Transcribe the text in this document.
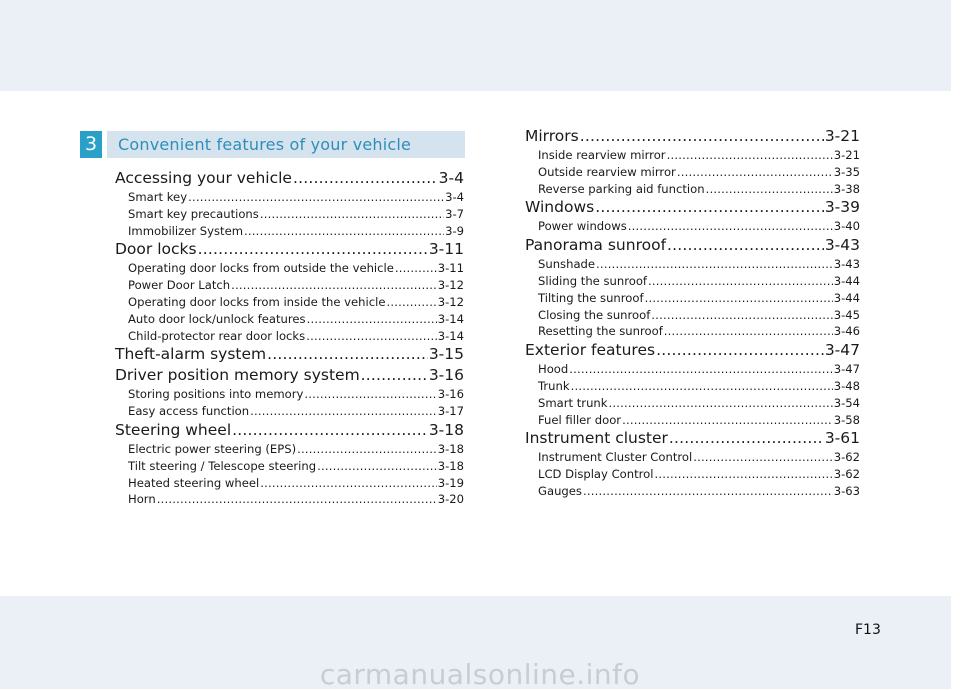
3	Convenient features of your vehicle
Accessing your vehicle .....	3-4
Smart key .....	3-4
Smart key precautions .....	3-7
Immobilizer System .....	3-9
Door locks .....	3-11
Operating door locks from outside the vehicle .....	3-11
Power Door Latch .....	3-12
Operating door locks from inside the vehicle .....	3-12
Auto door lock/unlock features .....	3-14
Child-protector rear door locks .....	3-14
Theft-alarm system .....	3-15
Driver position memory system .....	3-16
Storing positions into memory .....	3-16
Easy access function .....	3-17
Steering wheel .....	3-18
Electric power steering (EPS) .....	3-18
Tilt steering / Telescope steering .....	3-18
Heated steering wheel .....	3-19
Horn .....	3-20
Mirrors .....	3-21
Inside rearview mirror .....	3-21
Outside rearview mirror .....	3-35
Reverse parking aid function .....	3-38
Windows .....	3-39
Power windows .....	3-40
Panorama sunroof .....	3-43
Sunshade .....	3-43
Sliding the sunroof .....	3-44
Tilting the sunroof .....	3-44
Closing the sunroof .....	3-45
Resetting the sunroof .....	3-46
Exterior features .....	3-47
Hood .....	3-47
Trunk .....	3-48
Smart trunk .....	3-54
Fuel filler door .....	3-58
Instrument cluster .....	3-61
Instrument Cluster Control .....	3-62
LCD Display Control .....	3-62
Gauges .....	3-63
F13
carmanualsonline.info
